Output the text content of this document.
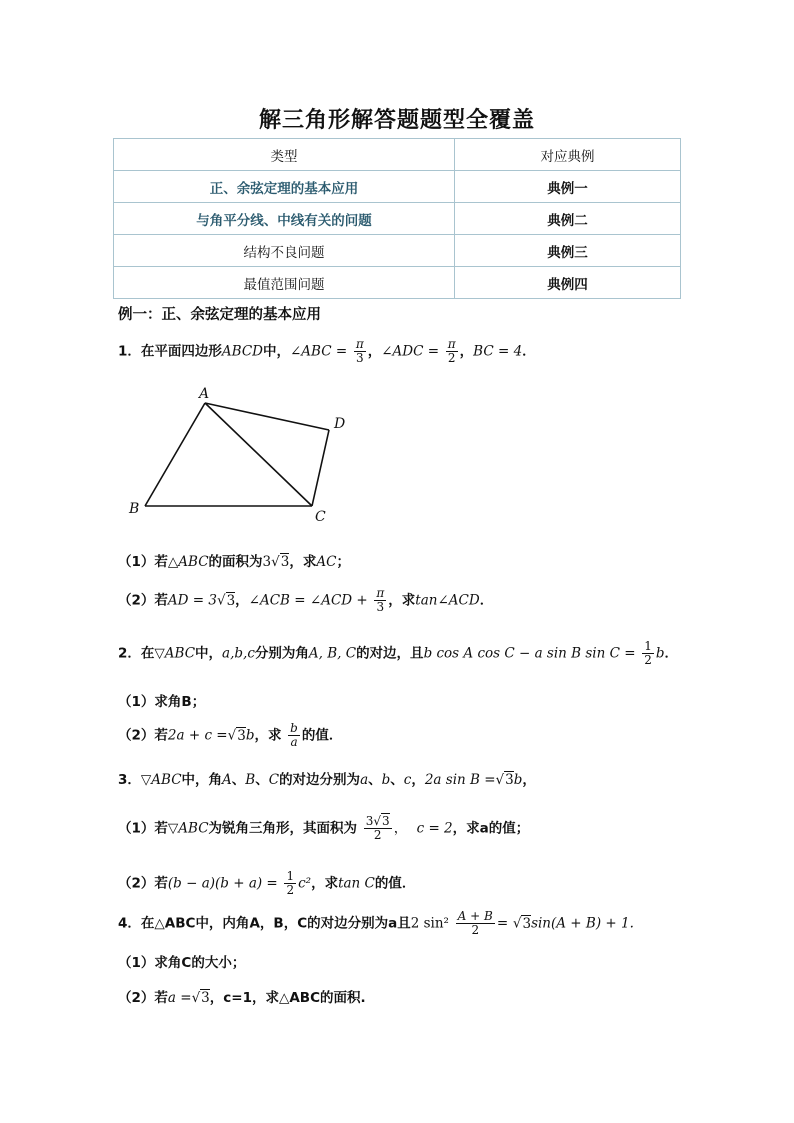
解三角形解答题题型全覆盖
类型	对应典例
正、余弦定理的基本应用	典例一
与角平分线、中线有关的问题	典例二
结构不良问题	典例三
最值范围问题	典例四
例一：正、余弦定理的基本应用
1．在平面四边形ABCD中，∠ABC = $\frac{\pi}{3}$ ，∠ADC = $\frac{\pi}{2}$ ，BC = 4．
A
D
C
B
（1）若△ABC的面积为3√3，求AC；
（2）若AD = 3√3，∠ACB = ∠ACD + $\frac{\pi}{3}$ ，求tan∠ACD．
2．在▽ABC中，a,b,c分别为角A, B, C的对边，且b cos A cos C − a sin B $\sin C = \frac{1}{2}$ b．
（1）求角B；
（2）若2a + c =√3b，求 $\frac{b}{a}$ 的值．
3．▽ABC中，角A、B、C的对边分别为a、b、c，2a sin B =√3b，
（1）若▽ABC为锐角三角形，其面积为 $\frac{3√3}{2}$ ， c = 2，求a的值；
（2）若$(b - a)(b + a) = \frac{1}{2} c^2$，求tan C的值．
4．在△ABC中，内角A，B，C的对边分别为a且2 $\sin^2 \frac{A + B}{2} = √3\sin(A + B) + 1$.
（1）求角C的大小；
（2）若a =√3，c=1，求△ABC的面积.
